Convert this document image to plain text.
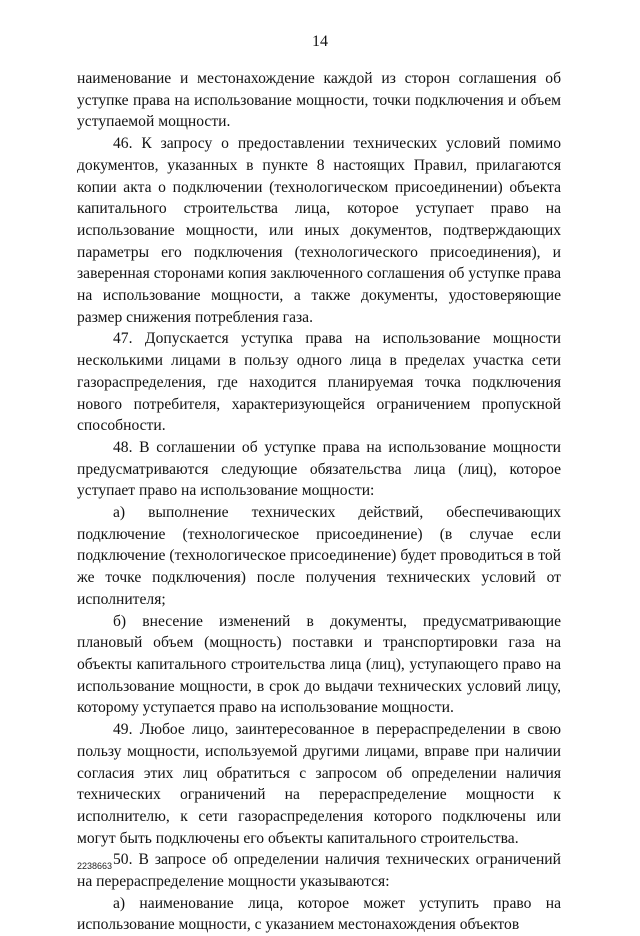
14

наименование и местонахождение каждой из сторон соглашения об уступке права на использование мощности, точки подключения и объем уступаемой мощности.

46. К запросу о предоставлении технических условий помимо документов, указанных в пункте 8 настоящих Правил, прилагаются копии акта о подключении (технологическом присоединении) объекта капитального строительства лица, которое уступает право на использование мощности, или иных документов, подтверждающих параметры его подключения (технологического присоединения), и заверенная сторонами копия заключенного соглашения об уступке права на использование мощности, а также документы, удостоверяющие размер снижения потребления газа.

47. Допускается уступка права на использование мощности несколькими лицами в пользу одного лица в пределах участка сети газораспределения, где находится планируемая точка подключения нового потребителя, характеризующейся ограничением пропускной способности.

48. В соглашении об уступке права на использование мощности предусматриваются следующие обязательства лица (лиц), которое уступает право на использование мощности:

а) выполнение технических действий, обеспечивающих подключение (технологическое присоединение) (в случае если подключение (технологическое присоединение) будет проводиться в той же точке подключения) после получения технических условий от исполнителя;

б) внесение изменений в документы, предусматривающие плановый объем (мощность) поставки и транспортировки газа на объекты капитального строительства лица (лиц), уступающего право на использование мощности, в срок до выдачи технических условий лицу, которому уступается право на использование мощности.

49. Любое лицо, заинтересованное в перераспределении в свою пользу мощности, используемой другими лицами, вправе при наличии согласия этих лиц обратиться с запросом об определении наличия технических ограничений на перераспределение мощности к исполнителю, к сети газораспределения которого подключены или могут быть подключены его объекты капитального строительства.

50. В запросе об определении наличия технических ограничений на перераспределение мощности указываются:

а) наименование лица, которое может уступить право на использование мощности, с указанием местонахождения объектов

2238663
